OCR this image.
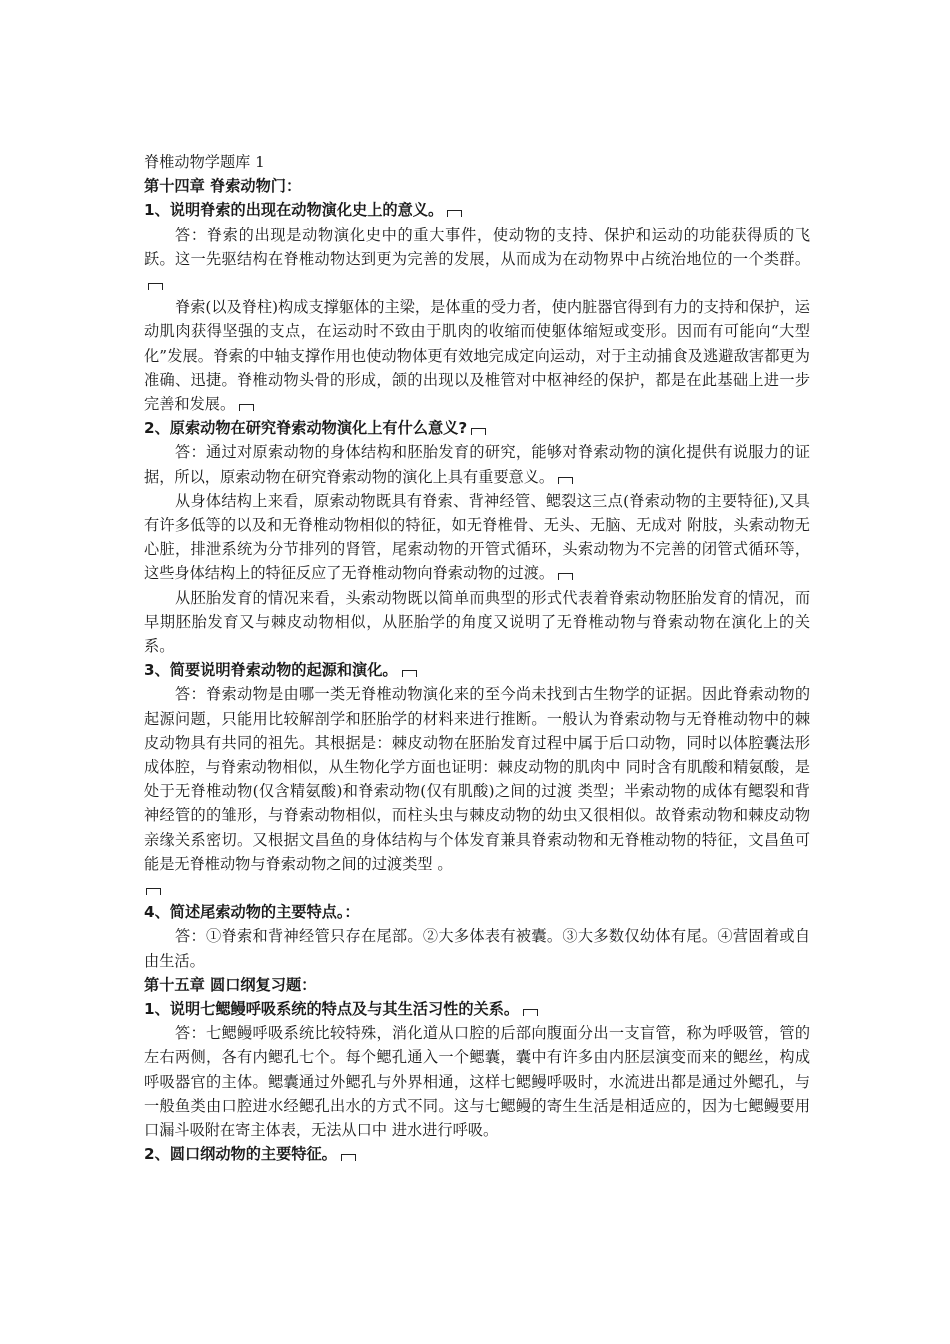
脊椎动物学题库 1

第十四章 脊索动物门：

1、说明脊索的出现在动物演化史上的意义。

答：脊索的出现是动物演化史中的重大事件，使动物的支持、保护和运动的功能获得质的飞跃。这一先驱结构在脊椎动物达到更为完善的发展，从而成为在动物界中占统治地位的一个类群。

脊索(以及脊柱)构成支撑躯体的主梁，是体重的受力者，使内脏器官得到有力的支持和保护，运动肌肉获得坚强的支点，在运动时不致由于肌肉的收缩而使躯体缩短或变形。因而有可能向“大型化”发展。脊索的中轴支撑作用也使动物体更有效地完成定向运动，对于主动捕食及逃避敌害都更为准确、迅捷。脊椎动物头骨的形成，颌的出现以及椎管对中枢神经的保护，都是在此基础上进一步完善和发展。

2、原索动物在研究脊索动物演化上有什么意义?

答：通过对原索动物的身体结构和胚胎发育的研究，能够对脊索动物的演化提供有说服力的证据，所以，原索动物在研究脊索动物的演化上具有重要意义。

从身体结构上来看，原索动物既具有脊索、背神经管、鳃裂这三点(脊索动物的主要特征),又具有许多低等的以及和无脊椎动物相似的特征，如无脊椎骨、无头、无脑、无成对 附肢，头索动物无心脏，排泄系统为分节排列的肾管，尾索动物的开管式循环，头索动物为不完善的闭管式循环等，这些身体结构上的特征反应了无脊椎动物向脊索动物的过渡。

从胚胎发育的情况来看，头索动物既以简单而典型的形式代表着脊索动物胚胎发育的情况，而早期胚胎发育又与棘皮动物相似，从胚胎学的角度又说明了无脊椎动物与脊索动物在演化上的关系。

3、简要说明脊索动物的起源和演化。

答：脊索动物是由哪一类无脊椎动物演化来的至今尚未找到古生物学的证据。因此脊索动物的起源问题，只能用比较解剖学和胚胎学的材料来进行推断。一般认为脊索动物与无脊椎动物中的棘皮动物具有共同的祖先。其根据是：棘皮动物在胚胎发育过程中属于后口动物，同时以体腔囊法形成体腔，与脊索动物相似，从生物化学方面也证明：棘皮动物的肌肉中 同时含有肌酸和精氨酸，是处于无脊椎动物(仅含精氨酸)和脊索动物(仅有肌酸)之间的过渡 类型；半索动物的成体有鳃裂和背神经管的的雏形，与脊索动物相似，而柱头虫与棘皮动物的幼虫又很相似。故脊索动物和棘皮动物亲缘关系密切。又根据文昌鱼的身体结构与个体发育兼具脊索动物和无脊椎动物的特征，文昌鱼可能是无脊椎动物与脊索动物之间的过渡类型 。

4、简述尾索动物的主要特点。：

答：①脊索和背神经管只存在尾部。②大多体表有被囊。③大多数仅幼体有尾。④营固着或自由生活。

第十五章 圆口纲复习题：

1、说明七鳃鳗呼吸系统的特点及与其生活习性的关系。

答：七鳃鳗呼吸系统比较特殊，消化道从口腔的后部向腹面分出一支盲管，称为呼吸管，管的左右两侧，各有内鳃孔七个。每个鳃孔通入一个鳃囊，囊中有许多由内胚层演变而来的鳃丝，构成呼吸器官的主体。鳃囊通过外鳃孔与外界相通，这样七鳃鳗呼吸时，水流进出都是通过外鳃孔，与一般鱼类由口腔进水经鳃孔出水的方式不同。这与七鳃鳗的寄生生活是相适应的，因为七鳃鳗要用口漏斗吸附在寄主体表，无法从口中 进水进行呼吸。

2、圆口纲动物的主要特征。
